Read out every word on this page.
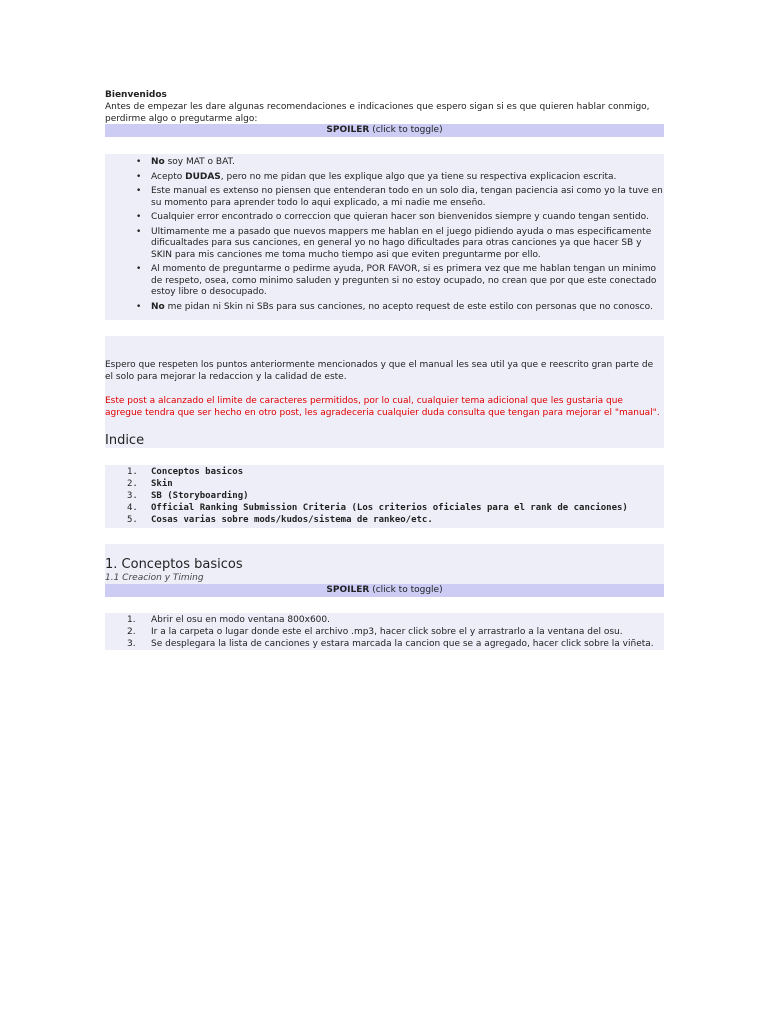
Bienvenidos
Antes de empezar les dare algunas recomendaciones e indicaciones que espero sigan si es que quieren hablar conmigo, perdirme algo o pregutarme algo:
SPOILER (click to toggle)
• No soy MAT o BAT.
• Acepto DUDAS, pero no me pidan que les explique algo que ya tiene su respectiva explicacion escrita.
• Este manual es extenso no piensen que entenderan todo en un solo dia, tengan paciencia asi como yo la tuve en su momento para aprender todo lo aqui explicado, a mi nadie me enseño.
• Cualquier error encontrado o correccion que quieran hacer son bienvenidos siempre y cuando tengan sentido.
• Ultimamente me a pasado que nuevos mappers me hablan en el juego pidiendo ayuda o mas especificamente dificualtades para sus canciones, en general yo no hago dificultades para otras canciones ya que hacer SB y SKIN para mis canciones me toma mucho tiempo asi que eviten preguntarme por ello.
• Al momento de preguntarme o pedirme ayuda, POR FAVOR, si es primera vez que me hablan tengan un minimo de respeto, osea, como minimo saluden y pregunten si no estoy ocupado, no crean que por que este conectado estoy libre o desocupado.
• No me pidan ni Skin ni SBs para sus canciones, no acepto request de este estilo con personas que no conosco.
Espero que respeten los puntos anteriormente mencionados y que el manual les sea util ya que e reescrito gran parte de el solo para mejorar la redaccion y la calidad de este.
Este post a alcanzado el limite de caracteres permitidos, por lo cual, cualquier tema adicional que les gustaria que agregue tendra que ser hecho en otro post, les agradeceria cualquier duda consulta que tengan para mejorar el "manual".
Indice
1. Conceptos basicos
2. Skin
3. SB (Storyboarding)
4. Official Ranking Submission Criteria (Los criterios oficiales para el rank de canciones)
5. Cosas varias sobre mods/kudos/sistema de rankeo/etc.
1. Conceptos basicos
1.1 Creacion y Timing
SPOILER (click to toggle)
1. Abrir el osu en modo ventana 800x600.
2. Ir a la carpeta o lugar donde este el archivo .mp3, hacer click sobre el y arrastrarlo a la ventana del osu.
3. Se desplegara la lista de canciones y estara marcada la cancion que se a agregado, hacer click sobre la viñeta.
